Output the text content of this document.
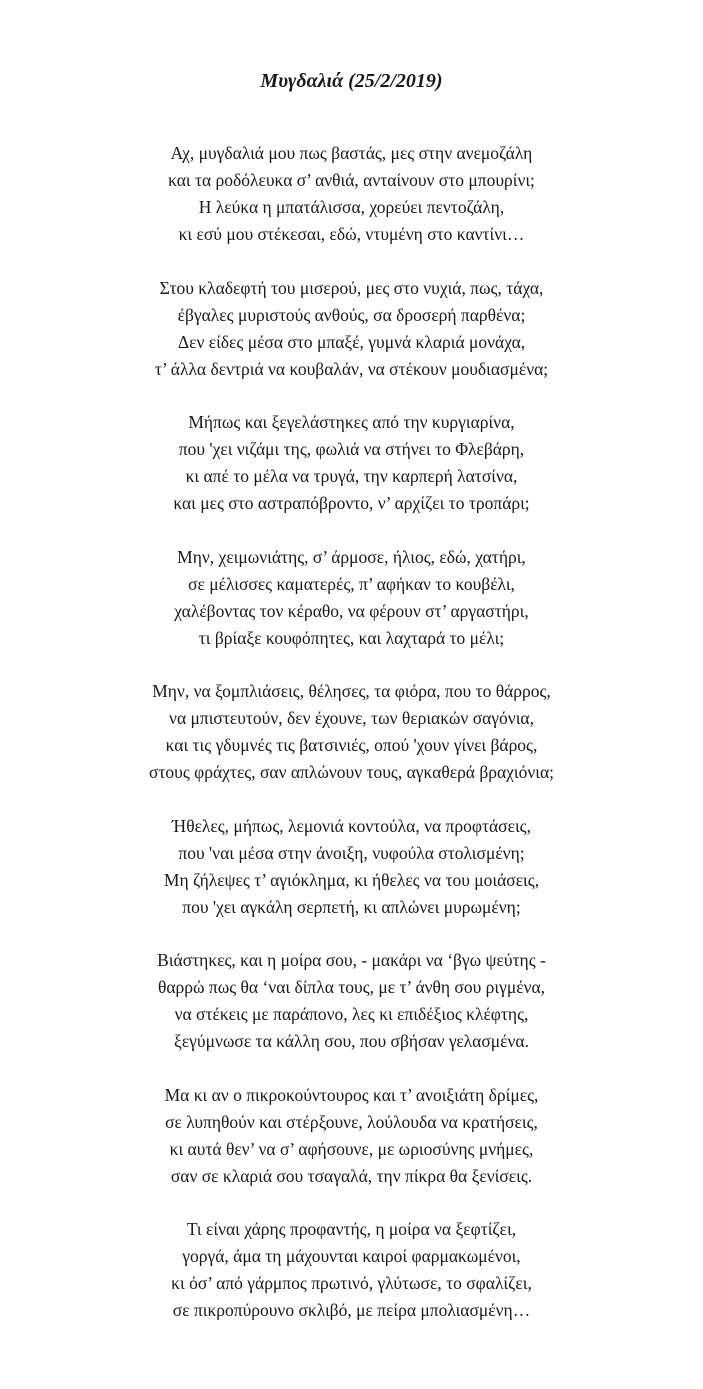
Μυγδαλιά (25/2/2019)
Αχ, μυγδαλιά μου πως βαστάς, μες στην ανεμοζάλη
και τα ροδόλευκα σ’ ανθιά, ανταίνουν στο μπουρίνι;
Η λεύκα η μπατάλισσα, χορεύει πεντοζάλη,
κι εσύ μου στέκεσαι, εδώ, ντυμένη στο καντίνι…
Στου κλαδεφτή του μισερού, μες στο νυχιά, πως, τάχα,
έβγαλες μυριστούς ανθούς, σα δροσερή παρθένα;
Δεν είδες μέσα στο μπαξέ, γυμνά κλαριά μονάχα,
τ’ άλλα δεντριά να κουβαλάν, να στέκουν μουδιασμένα;
Μήπως και ξεγελάστηκες από την κυργιαρίνα,
που 'χει νιζάμι της, φωλιά να στήνει το Φλεβάρη,
κι απέ το μέλα να τρυγά, την καρπερή λατσίνα,
και μες στο αστραπόβροντο, ν’ αρχίζει το τροπάρι;
Μην, χειμωνιάτης, σ’ άρμοσε, ήλιος, εδώ, χατήρι,
σε μέλισσες καματερές, π’ αφήκαν το κουβέλι,
χαλέβοντας τον κέραθο, να φέρουν στ’ αργαστήρι,
τι βρίαξε κουφόπητες, και λαχταρά το μέλι;
Μην, να ξομπλιάσεις, θέλησες, τα φιόρα, που το θάρρος,
να μπιστευτούν, δεν έχουνε, των θεριακών σαγόνια,
και τις γδυμνές τις βατσινιές, οπού 'χουν γίνει βάρος,
στους φράχτες, σαν απλώνουν τους, αγκαθερά βραχιόνια;
Ήθελες, μήπως, λεμονιά κοντούλα, να προφτάσεις,
που 'ναι μέσα στην άνοιξη, νυφούλα στολισμένη;
Μη ζήλεψες τ’ αγιόκλημα, κι ήθελες να του μοιάσεις,
που 'χει αγκάλη σερπετή, κι απλώνει μυρωμένη;
Βιάστηκες, και η μοίρα σου, - μακάρι να ‘βγω ψεύτης -
θαρρώ πως θα ‘ναι δίπλα τους, με τ’ άνθη σου ριγμένα,
να στέκεις με παράπονο, λες κι επιδέξιος κλέφτης,
ξεγύμνωσε τα κάλλη σου, που σβήσαν γελασμένα.
Μα κι αν ο πικροκούντουρος και τ’ ανοιξιάτη δρίμες,
σε λυπηθούν και στέρξουνε, λούλουδα να κρατήσεις,
κι αυτά θεν’ να σ’ αφήσουνε, με ωριοσύνης μνήμες,
σαν σε κλαριά σου τσαγαλά, την πίκρα θα ξενίσεις.
Τι είναι χάρης προφαντής, η μοίρα να ξεφτίζει,
γοργά, άμα τη μάχουνται καιροί φαρμακωμένοι,
κι όσ’ από γάρμπος πρωτινό, γλύτωσε, το σφαλίζει,
σε πικροπύρουνο σκλιβό, με πείρα μπολιασμένη…
